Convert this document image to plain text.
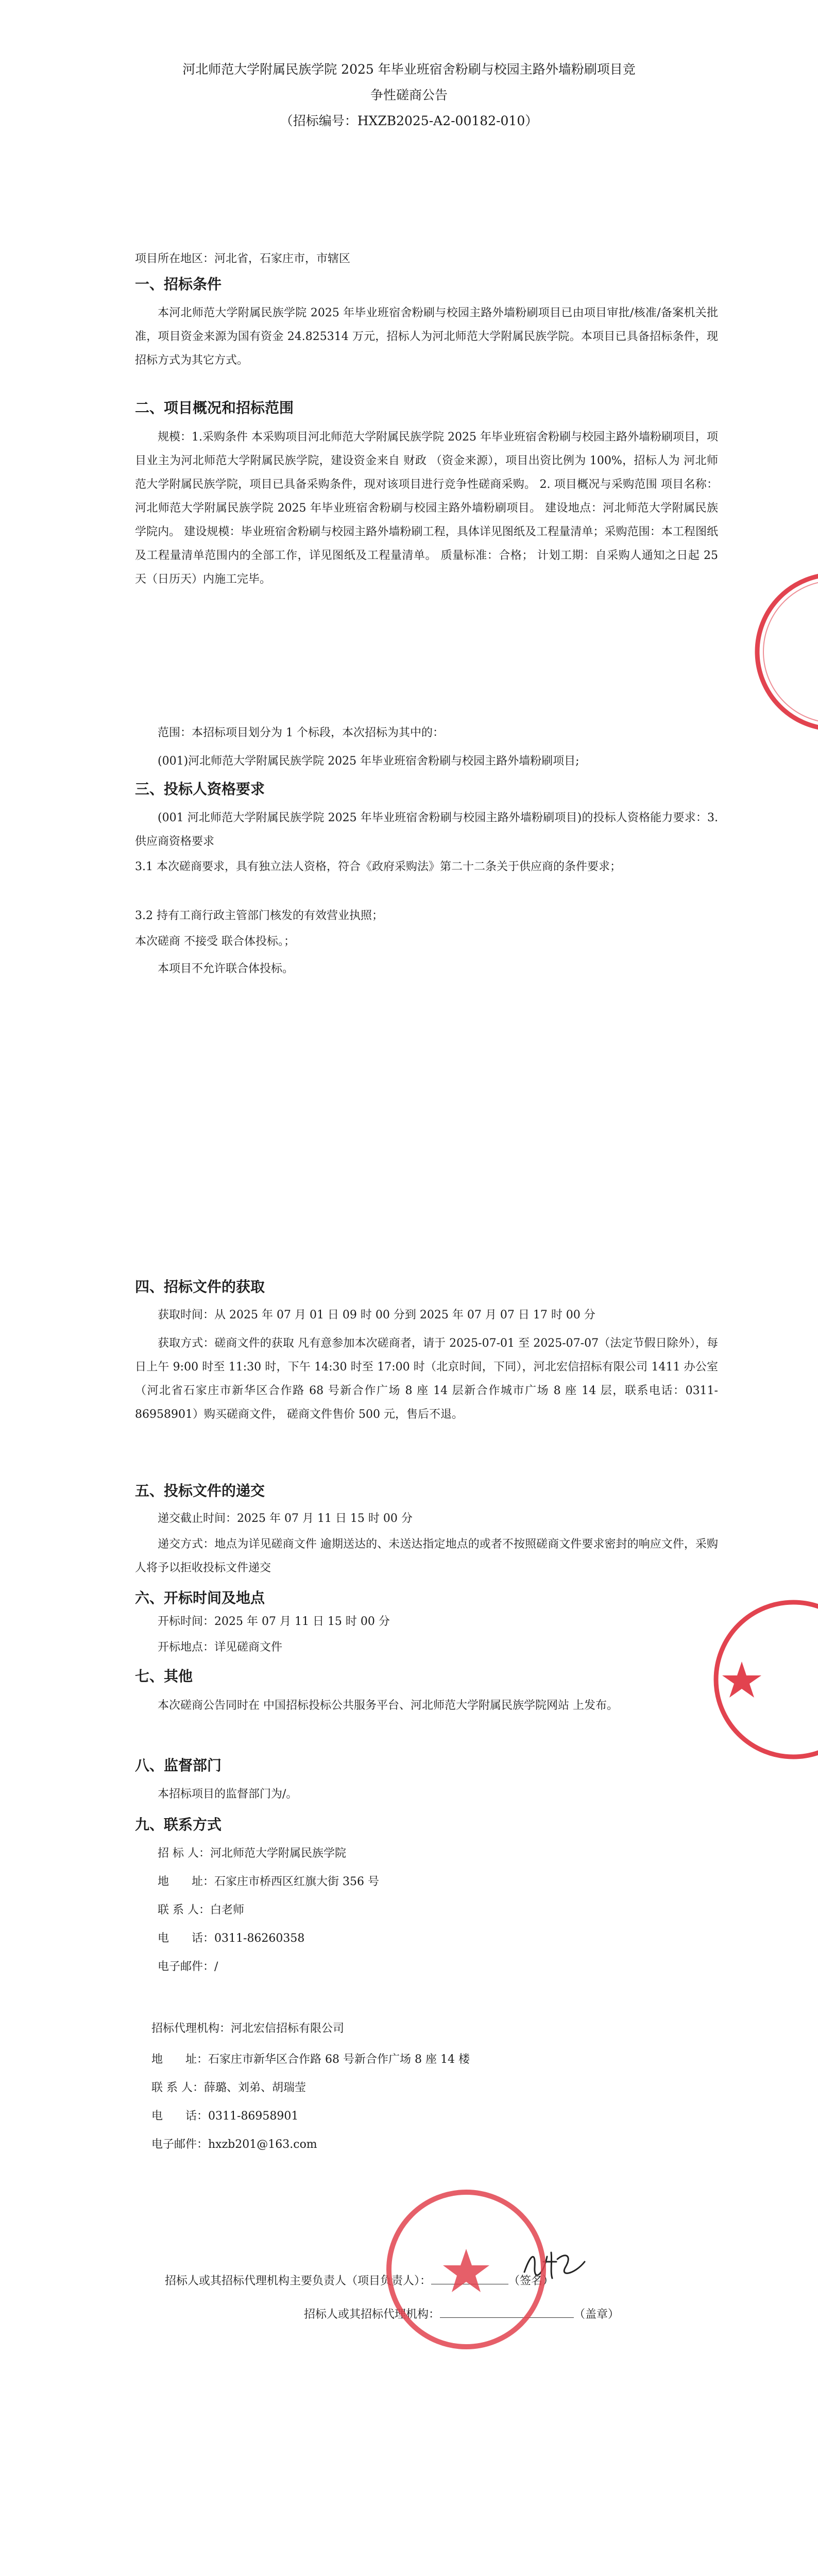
河北师范大学附属民族学院 2025 年毕业班宿舍粉刷与校园主路外墙粉刷项目竞
争性磋商公告
（招标编号：HXZB2025-A2-00182-010）
项目所在地区：河北省，石家庄市，市辖区
一、招标条件
本河北师范大学附属民族学院 2025 年毕业班宿舍粉刷与校园主路外墙粉刷项目已由项目审批/核准/备案机关批准，项目资金来源为国有资金 24.825314 万元，招标人为河北师范大学附属民族学院。本项目已具备招标条件，现招标方式为其它方式。
二、项目概况和招标范围
规模：1.采购条件 本采购项目河北师范大学附属民族学院 2025 年毕业班宿舍粉刷与校园主路外墙粉刷项目，项目业主为河北师范大学附属民族学院，建设资金来自 财政 （资金来源），项目出资比例为 100%，招标人为 河北师范大学附属民族学院，项目已具备采购条件，现对该项目进行竞争性磋商采购。 2. 项目概况与采购范围 项目名称：河北师范大学附属民族学院 2025 年毕业班宿舍粉刷与校园主路外墙粉刷项目。 建设地点：河北师范大学附属民族学院内。 建设规模：毕业班宿舍粉刷与校园主路外墙粉刷工程，具体详见图纸及工程量清单；采购范围：本工程图纸及工程量清单范围内的全部工作，详见图纸及工程量清单。 质量标准：合格； 计划工期：自采购人通知之日起 25 天（日历天）内施工完毕。
范围：本招标项目划分为 1 个标段，本次招标为其中的：
(001)河北师范大学附属民族学院 2025 年毕业班宿舍粉刷与校园主路外墙粉刷项目;
三、投标人资格要求
(001 河北师范大学附属民族学院 2025 年毕业班宿舍粉刷与校园主路外墙粉刷项目)的投标人资格能力要求：3.供应商资格要求
3.1 本次磋商要求，具有独立法人资格，符合《政府采购法》第二十二条关于供应商的条件要求；
3.2 持有工商行政主管部门核发的有效营业执照；
本次磋商 不接受 联合体投标。；
本项目不允许联合体投标。
四、招标文件的获取
获取时间：从 2025 年 07 月 01 日 09 时 00 分到 2025 年 07 月 07 日 17 时 00 分
获取方式：磋商文件的获取 凡有意参加本次磋商者，请于 2025-07-01 至 2025-07-07（法定节假日除外），每日上午 9:00 时至 11:30 时，下午 14:30 时至 17:00 时（北京时间，下同），河北宏信招标有限公司 1411 办公室（河北省石家庄市新华区合作路 68 号新合作广场 8 座 14 层新合作城市广场 8 座 14 层，联系电话：0311-86958901）购买磋商文件， 磋商文件售价 500 元，售后不退。
五、投标文件的递交
递交截止时间：2025 年 07 月 11 日 15 时 00 分
递交方式：地点为详见磋商文件 逾期送达的、未送达指定地点的或者不按照磋商文件要求密封的响应文件，采购人将予以拒收投标文件递交
六、开标时间及地点
开标时间：2025 年 07 月 11 日 15 时 00 分
开标地点：详见磋商文件
七、其他
本次磋商公告同时在 中国招标投标公共服务平台、河北师范大学附属民族学院网站 上发布。
八、监督部门
本招标项目的监督部门为/。
九、联系方式
招 标 人：河北师范大学附属民族学院
地　　址：石家庄市桥西区红旗大街 356 号
联 系 人：白老师
电　　话：0311-86260358
电子邮件：/
招标代理机构：河北宏信招标有限公司
地　　址：石家庄市新华区合作路 68 号新合作广场 8 座 14 楼
联 系 人：薛璐、刘弟、胡瑞莹
电　　话：0311-86958901
电子邮件：hxzb201@163.com
招标人或其招标代理机构主要负责人（项目负责人）：	（签名）
招标人或其招标代理机构：	（盖章）
